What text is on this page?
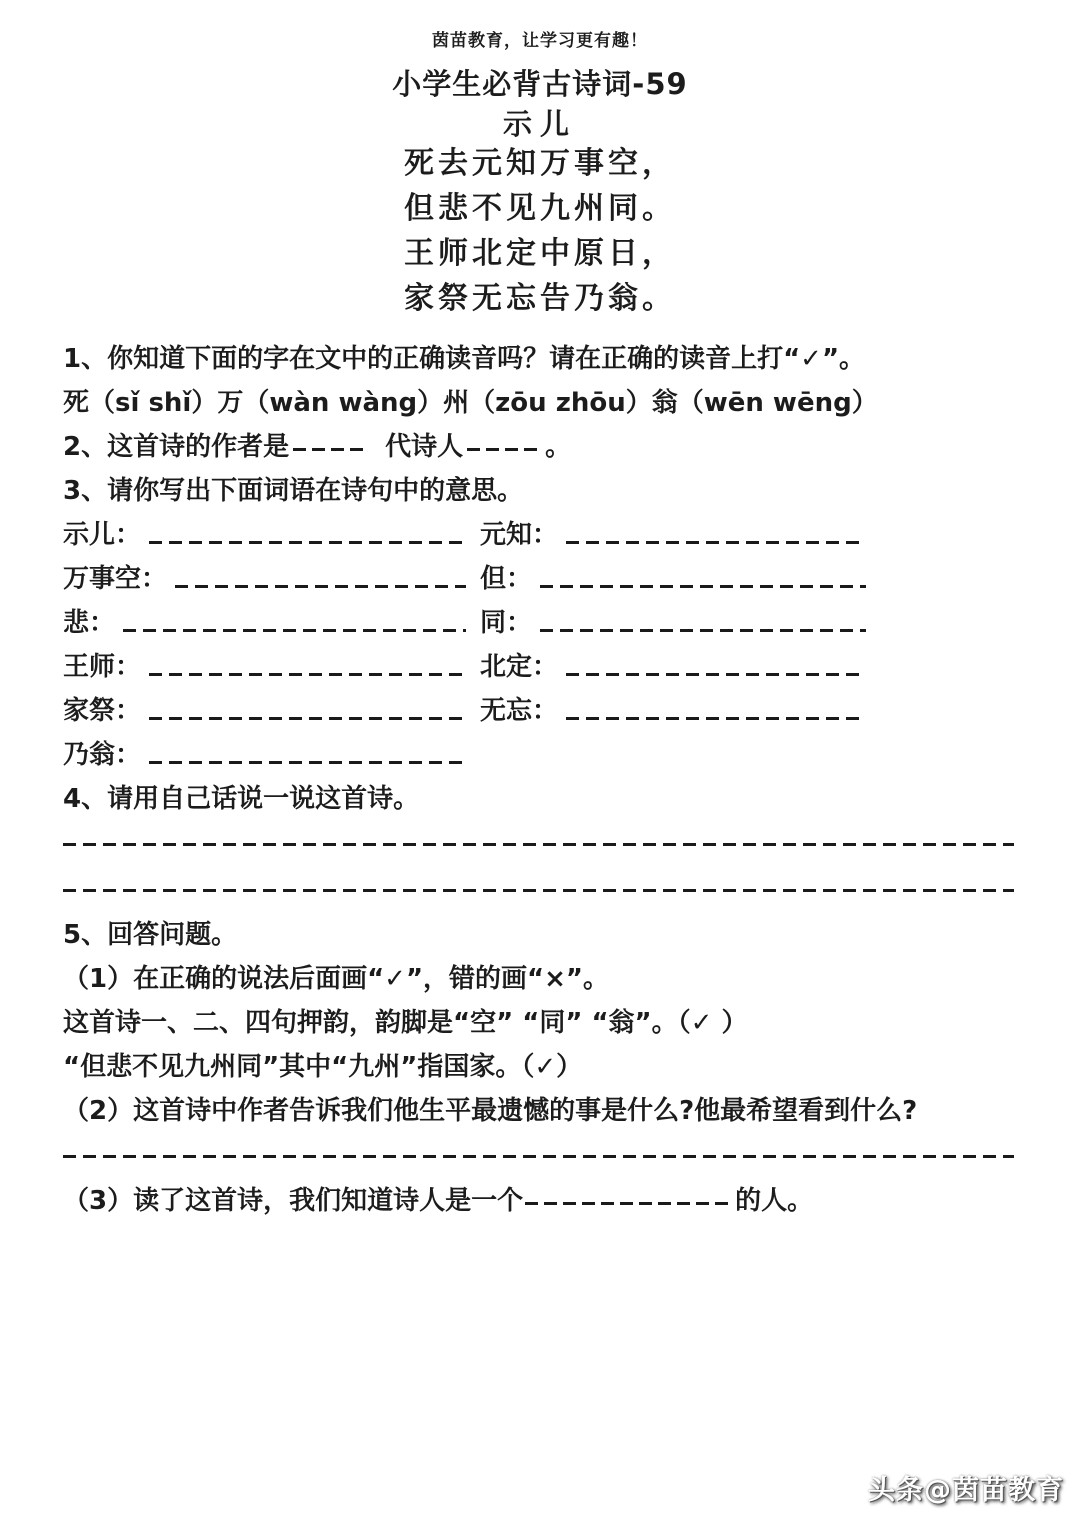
茵苗教育，让学习更有趣！
小学生必背古诗词-59
示儿
死去元知万事空，
但悲不见九州同。
王师北定中原日，
家祭无忘告乃翁。
1、你知道下面的字在文中的正确读音吗？请在正确的读音上打“✓”。
死（sǐ shǐ）万（wàn wàng）州（zōu zhōu）翁（wēn wēng）
2、这首诗的作者是	代诗人	。
3、请你写出下面词语在诗句中的意思。
示儿：	元知：
万事空：	但：
悲：	同：
王师：	北定：
家祭：	无忘：
乃翁：
4、请用自己话说一说这首诗。
5、回答问题。
（1）在正确的说法后面画“✓”，错的画“×”。
这首诗一、二、四句押韵，韵脚是“空” “同” “翁”。（✓ ）
“但悲不见九州同”其中“九州”指国家。（✓）
（2）这首诗中作者告诉我们他生平最遗憾的事是什么?他最希望看到什么?
（3）读了这首诗，我们知道诗人是一个	的人。
头条@茵苗教育
